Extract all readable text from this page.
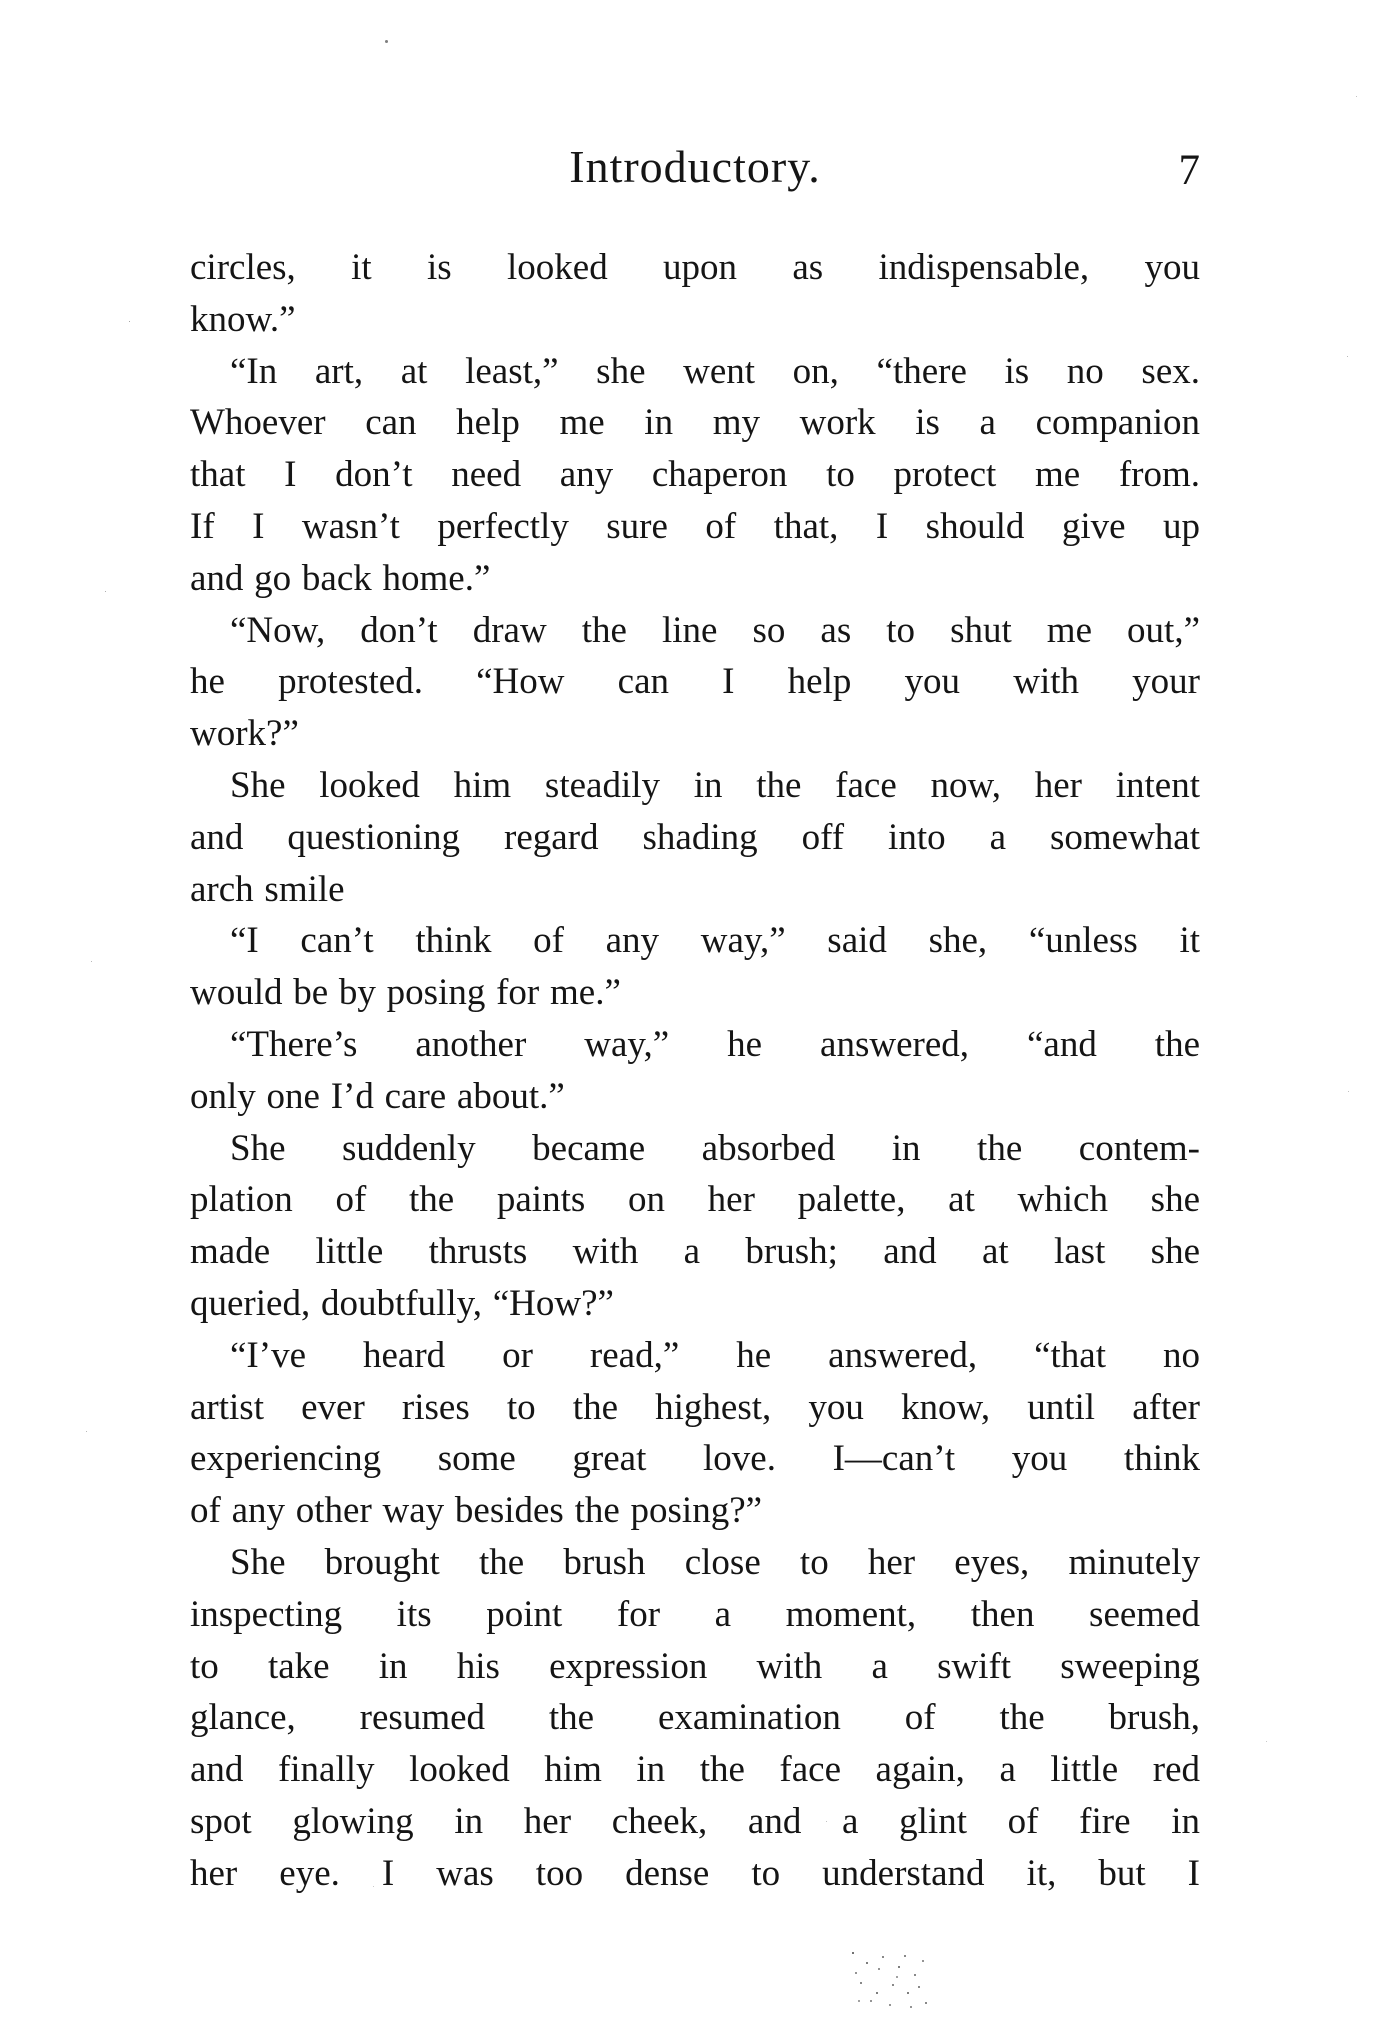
Introductory.	7
circles, it is looked upon as indispensable, you
know.”
“In art, at least,” she went on, “there is no sex.
Whoever can help me in my work is a companion
that I don’t need any chaperon to protect me from.
If I wasn’t perfectly sure of that, I should give up
and go back home.”
“Now, don’t draw the line so as to shut me out,”
he protested. “How can I help you with your
work?”
She looked him steadily in the face now, her intent
and questioning regard shading off into a somewhat
arch smile
“I can’t think of any way,” said she, “unless it
would be by posing for me.”
“There’s another way,” he answered, “and the
only one I’d care about.”
She suddenly became absorbed in the contem-
plation of the paints on her palette, at which she
made little thrusts with a brush; and at last she
queried, doubtfully, “How?”
“I’ve heard or read,” he answered, “that no
artist ever rises to the highest, you know, until after
experiencing some great love. I—can’t you think
of any other way besides the posing?”
She brought the brush close to her eyes, minutely
inspecting its point for a moment, then seemed
to take in his expression with a swift sweeping
glance, resumed the examination of the brush,
and finally looked him in the face again, a little red
spot glowing in her cheek, and a glint of fire in
her eye. I was too dense to understand it, but I
